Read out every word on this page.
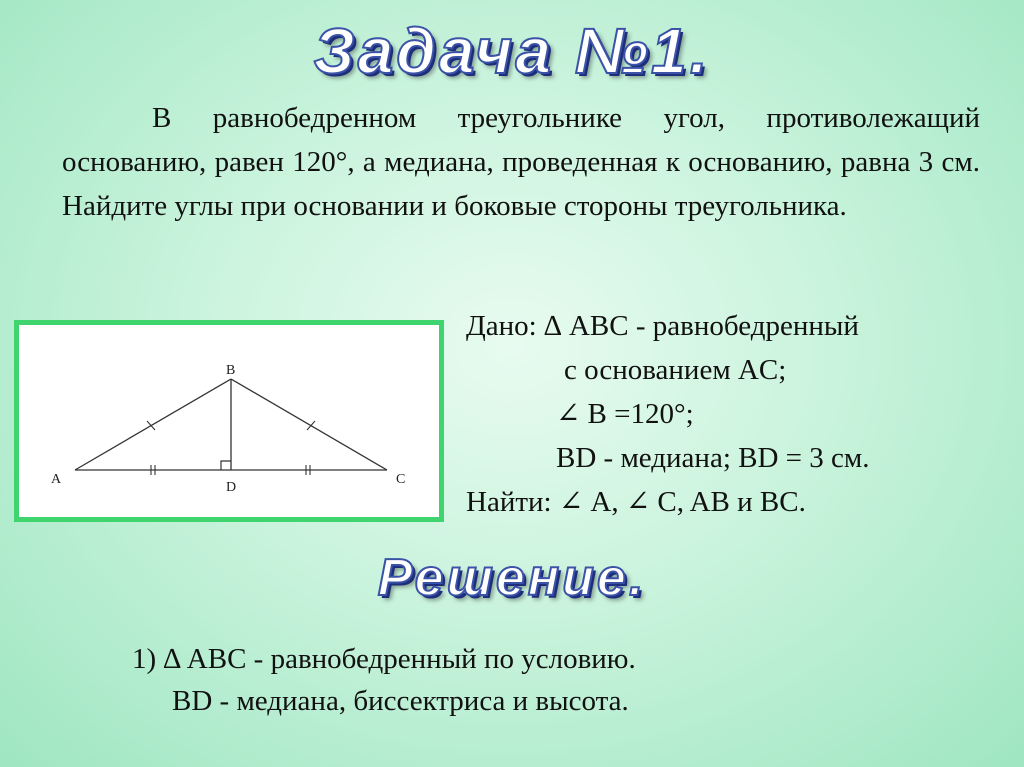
Задача №1.

В равнобедренном треугольнике угол, противолежащий основанию, равен 120°, а медиана, проведенная к основанию, равна 3 см. Найдите углы при основании и боковые стороны треугольника.

B
A	C
D
Дано: ∆ ABC - равнобедренный
с основанием AC;
∠ B =120°;
BD - медиана; BD = 3 см.
Найти: ∠ A, ∠ C, AB и BC.
Решение.
1) ∆ ABC - равнобедренный по условию.
BD - медиана, биссектриса и высота.
